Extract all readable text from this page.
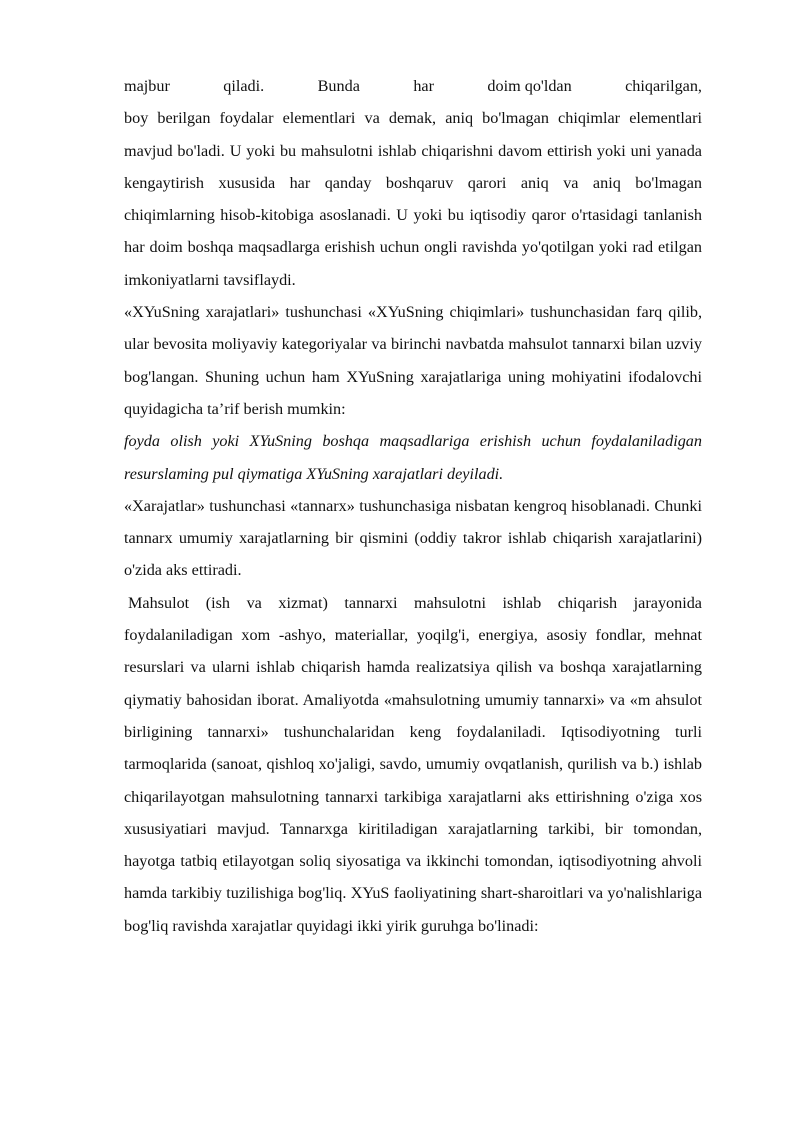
majbur	qiladi.	Bunda	har	doim qo'ldan	chiqarilgan,

boy berilgan foydalar elementlari va demak, aniq bo'lmagan chiqimlar elementlari mavjud bo'ladi. U yoki bu mahsulotni ishlab chiqarishni davom ettirish yoki uni yanada kengaytirish xususida har qanday boshqaruv qarori aniq va aniq bo'lmagan chiqimlarning hisob-kitobiga asoslanadi. U yoki bu iqtisodiy qaror o'rtasidagi tanlanish har doim boshqa maqsadlarga erishish uchun ongli ravishda yo'qotilgan yoki rad etilgan imkoniyatlarni tavsiflaydi.

«XYuSning xarajatlari» tushunchasi «XYuSning chiqimlari» tushunchasidan farq qilib, ular bevosita moliyaviy kategoriyalar va birinchi navbatda mahsulot tannarxi bilan uzviy bog'langan. Shuning uchun ham XYuSning xarajatlariga uning mohiyatini ifodalovchi quyidagicha ta’rif berish mumkin:

foyda olish yoki XYuSning boshqa maqsadlariga erishish uchun foydalaniladigan resurslaming pul qiymatiga XYuSning xarajatlari deyiladi.

«Xarajatlar» tushunchasi «tannarx» tushunchasiga nisbatan kengroq hisoblanadi. Chunki tannarx umumiy xarajatlarning bir qismini (oddiy takror ishlab chiqarish xarajatlarini) o'zida aks ettiradi.

Mahsulot (ish va xizmat) tannarxi mahsulotni ishlab chiqarish jarayonida foydalaniladigan xom -ashyo, materiallar, yoqilg'i, energiya, asosiy fondlar, mehnat resurslari va ularni ishlab chiqarish hamda realizatsiya qilish va boshqa xarajatlarning qiymatiy bahosidan iborat. Amaliyotda «mahsulotning umumiy tannarxi» va «m ahsulot birligining tannarxi» tushunchalaridan keng foydalaniladi. Iqtisodiyotning turli tarmoqlarida (sanoat, qishloq xo'jaligi, savdo, umumiy ovqatlanish, qurilish va b.) ishlab chiqarilayotgan mahsulotning tannarxi tarkibiga xarajatlarni aks ettirishning o'ziga xos xususiyatiari mavjud. Tannarxga kiritiladigan xarajatlarning tarkibi, bir tomondan, hayotga tatbiq etilayotgan soliq siyosatiga va ikkinchi tomondan, iqtisodiyotning ahvoli hamda tarkibiy tuzilishiga bog'liq. XYuS faoliyatining shart-sharoitlari va yo'nalishlariga bog'liq ravishda xarajatlar quyidagi ikki yirik guruhga bo'linadi:
